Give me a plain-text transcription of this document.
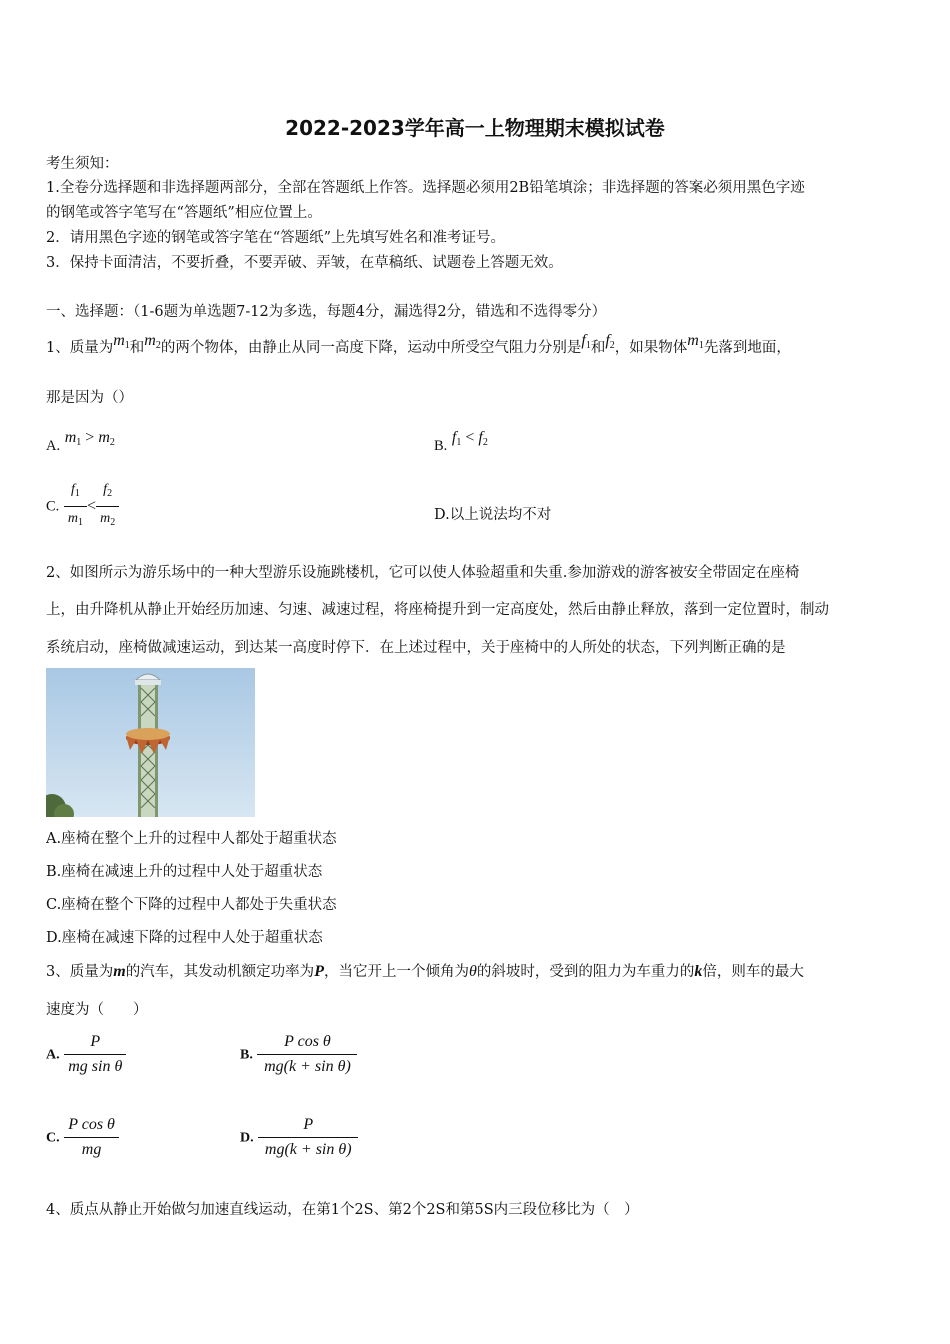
2022-2023学年高一上物理期末模拟试卷
考生须知：
1.全卷分选择题和非选择题两部分，全部在答题纸上作答。选择题必须用2B铅笔填涂；非选择题的答案必须用黑色字迹
的钢笔或答字笔写在“答题纸”相应位置上。
2．请用黑色字迹的钢笔或答字笔在“答题纸”上先填写姓名和准考证号。
3．保持卡面清洁，不要折叠，不要弄破、弄皱，在草稿纸、试题卷上答题无效。
一、选择题：（1-6题为单选题7-12为多选，每题4分，漏选得2分，错选和不选得零分）
1、质量为$m_1$和$m_2$的两个物体，由静止从同一高度下降，运动中所受空气阻力分别是$f_1$和$f_2$，如果物体$m_1$先落到地面，
那是因为（）
A. $m_1 > m_2$	B. $f_1 < f_2$
C. $\frac{f_1}{m_1} < \frac{f_2}{m_2}$	D.以上说法均不对
2、如图所示为游乐场中的一种大型游乐设施跳楼机，它可以使人体验超重和失重.参加游戏的游客被安全带固定在座椅
上，由升降机从静止开始经历加速、匀速、减速过程，将座椅提升到一定高度处，然后由静止释放，落到一定位置时，制动
系统启动，座椅做减速运动，到达某一高度时停下．在上述过程中，关于座椅中的人所处的状态，下列判断正确的是
A.座椅在整个上升的过程中人都处于超重状态
B.座椅在减速上升的过程中人处于超重状态
C.座椅在整个下降的过程中人都处于失重状态
D.座椅在减速下降的过程中人处于超重状态
3、质量为m的汽车，其发动机额定功率为P，当它开上一个倾角为θ的斜坡时，受到的阻力为车重力的k倍，则车的最大
速度为（　　）
A. $\frac{P}{\text{mg sin θ}}$	B. $\frac{\text{P cos θ}}{\text{mg(k + sin θ)}}$
C. $\frac{\text{P cos θ}}{mg}$	D. $\frac{P}{\text{mg(k + sin θ)}}$
4、质点从静止开始做匀加速直线运动，在第1个2S、第2个2S和第5S内三段位移比为（　）
